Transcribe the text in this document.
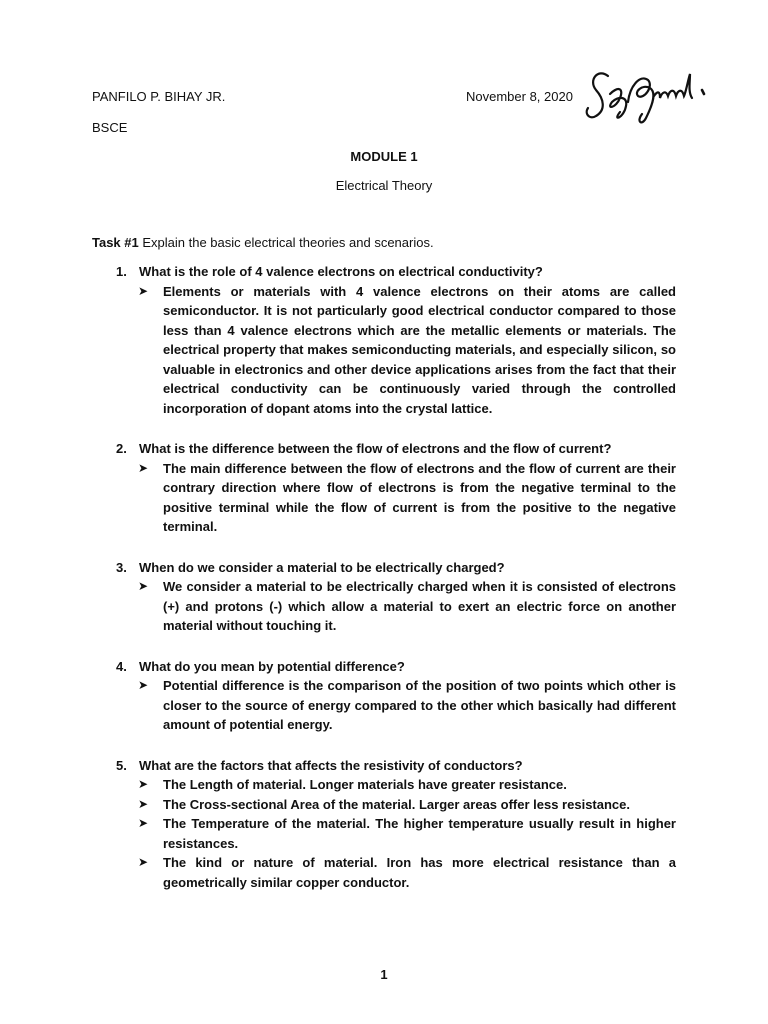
PANFILO P. BIHAY JR.	November 8, 2020
BSCE
MODULE 1
Electrical Theory
Task #1 Explain the basic electrical theories and scenarios.
1. What is the role of 4 valence electrons on electrical conductivity?
➤	Elements or materials with 4 valence electrons on their atoms are called semiconductor. It is not particularly good electrical conductor compared to those less than 4 valence electrons which are the metallic elements or materials. The electrical property that makes semiconducting materials, and especially silicon, so valuable in electronics and other device applications arises from the fact that their electrical conductivity can be continuously varied through the controlled incorporation of dopant atoms into the crystal lattice.

2. What is the difference between the flow of electrons and the flow of current?
➤	The main difference between the flow of electrons and the flow of current are their contrary direction where flow of electrons is from the negative terminal to the positive terminal while the flow of current is from the positive to the negative terminal.

3. When do we consider a material to be electrically charged?
➤	We consider a material to be electrically charged when it is consisted of electrons (+) and protons (-) which allow a material to exert an electric force on another material without touching it.

4. What do you mean by potential difference?
➤	Potential difference is the comparison of the position of two points which other is closer to the source of energy compared to the other which basically had different amount of potential energy.

5. What are the factors that affects the resistivity of conductors?
➤	The Length of material. Longer materials have greater resistance.

➤	The Cross-sectional Area of the material. Larger areas offer less resistance.

➤	The Temperature of the material. The higher temperature usually result in higher resistances.

➤	The kind or nature of material. Iron has more electrical resistance than a geometrically similar copper conductor.

1
